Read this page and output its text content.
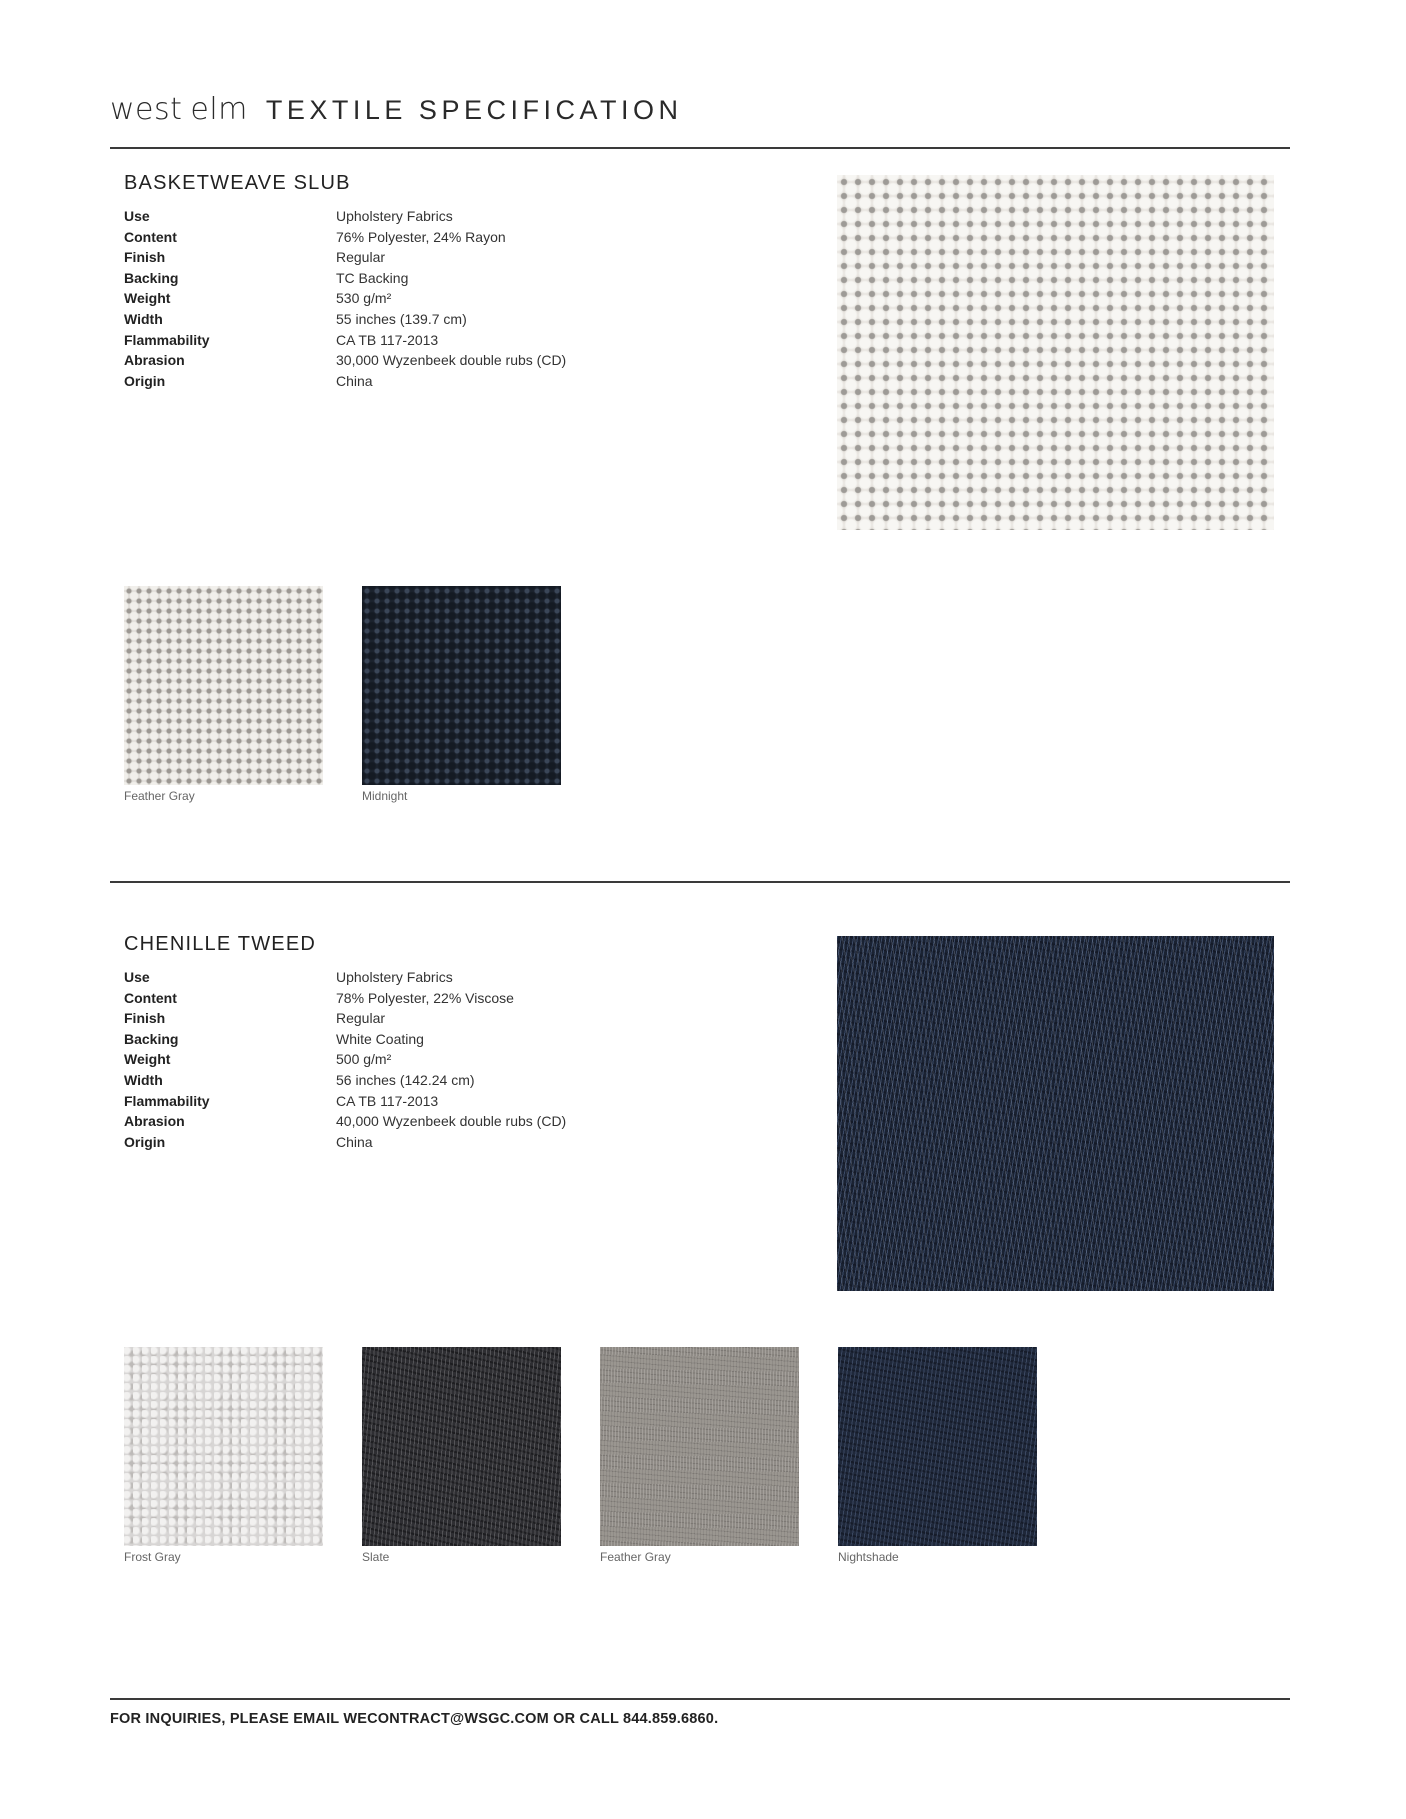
west elm TEXTILE SPECIFICATION
BASKETWEAVE SLUB
Use	Upholstery Fabrics
Content	76% Polyester, 24% Rayon
Finish	Regular
Backing	TC Backing
Weight	530 g/m²
Width	55 inches (139.7 cm)
Flammability	CA TB 117-2013
Abrasion	30,000 Wyzenbeek double rubs (CD)
Origin	China
Feather Gray	Midnight
CHENILLE TWEED
Use	Upholstery Fabrics
Content	78% Polyester, 22% Viscose
Finish	Regular
Backing	White Coating
Weight	500 g/m²
Width	56 inches (142.24 cm)
Flammability	CA TB 117-2013
Abrasion	40,000 Wyzenbeek double rubs (CD)
Origin	China
Frost Gray	Slate	Feather Gray	Nightshade
FOR INQUIRIES, PLEASE EMAIL WECONTRACT@WSGC.COM OR CALL 844.859.6860.
